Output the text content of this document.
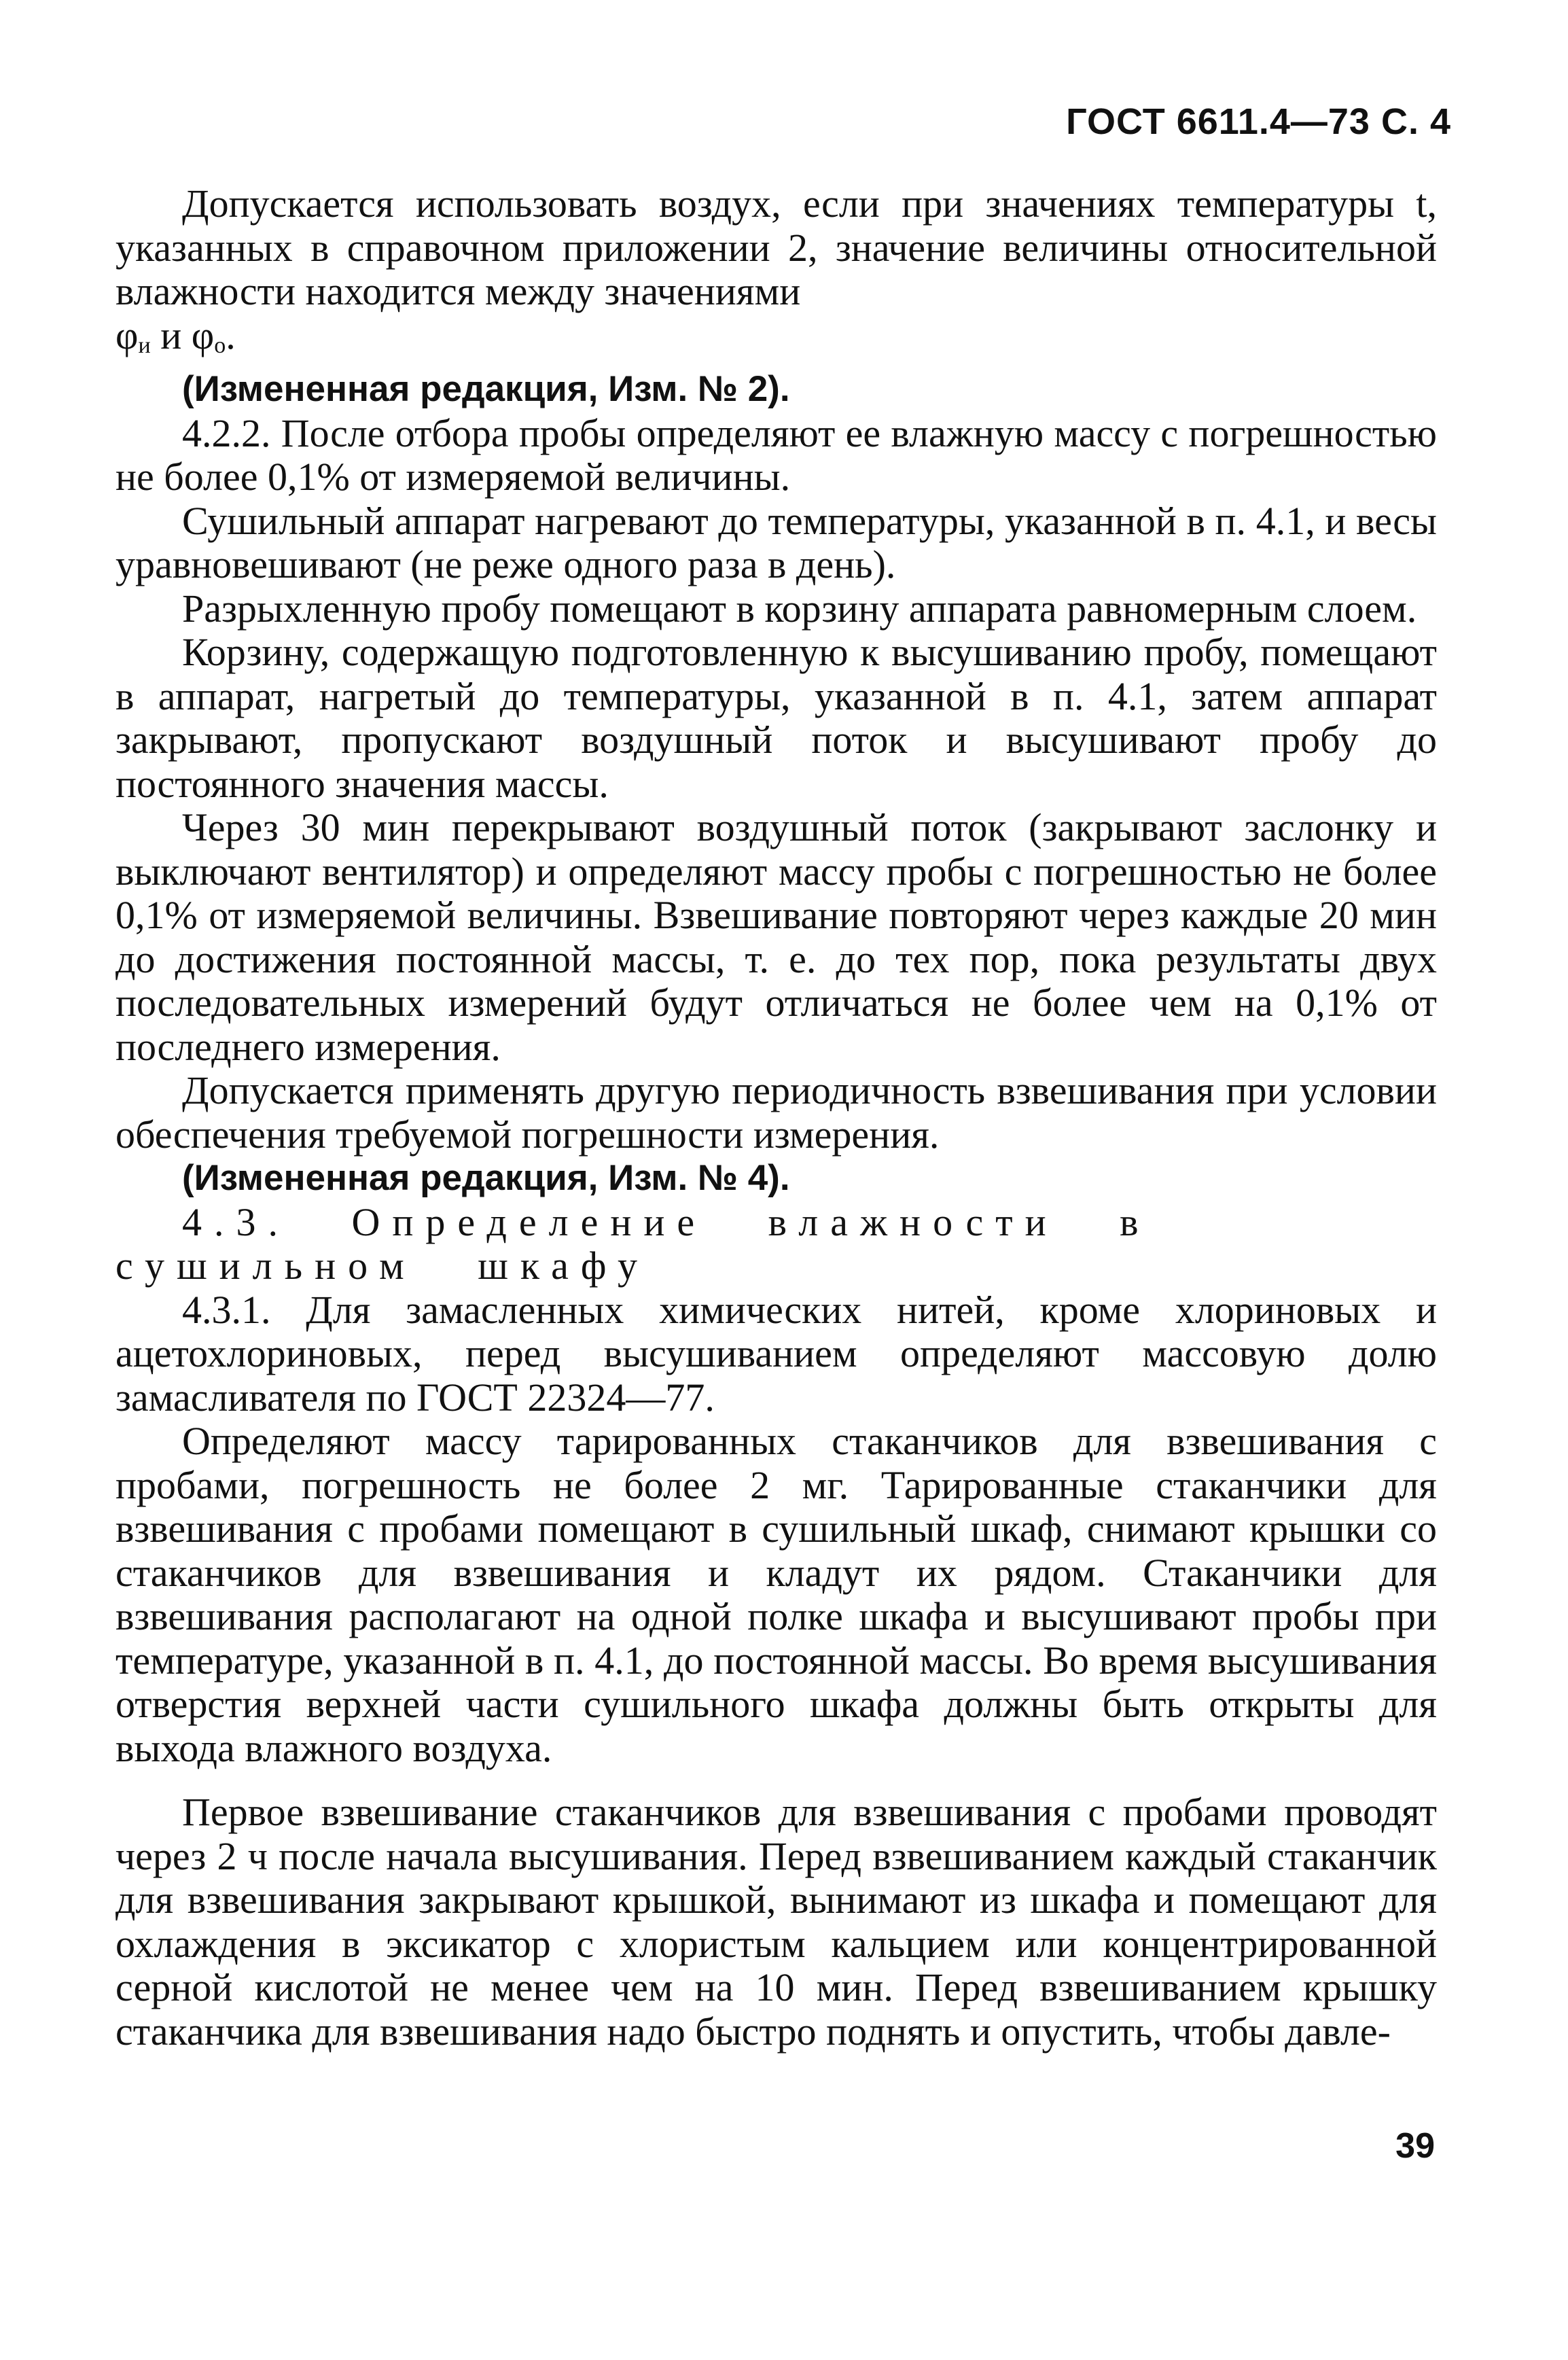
ГОСТ 6611.4—73 С. 4

Допускается использовать воздух, если при значениях температуры t, указанных в справочном приложении 2, значение величины относительной влажности находится между значениями

φи и φo.

(Измененная редакция, Изм. № 2).

4.2.2. После отбора пробы определяют ее влажную массу с погрешностью не более 0,1% от измеряемой величины.

Сушильный аппарат нагревают до температуры, указанной в п. 4.1, и весы уравновешивают (не реже одного раза в день).

Разрыхленную пробу помещают в корзину аппарата равномерным слоем.

Корзину, содержащую подготовленную к высушиванию пробу, помещают в аппарат, нагретый до температуры, указанной в п. 4.1, затем аппарат закрывают, пропускают воздушный поток и высушивают пробу до постоянного значения массы.

Через 30 мин перекрывают воздушный поток (закрывают заслонку и выключают вентилятор) и определяют массу пробы с погрешностью не более 0,1% от измеряемой величины. Взвешивание повторяют через каждые 20 мин до достижения постоянной массы, т. е. до тех пор, пока результаты двух последовательных измерений будут отличаться не более чем на 0,1% от последнего измерения.

Допускается применять другую периодичность взвешивания при условии обеспечения требуемой погрешности измерения.

(Измененная редакция, Изм. № 4).

4.3. Определение влажности в сушильном шкафу

4.3.1. Для замасленных химических нитей, кроме хлориновых и ацетохлориновых, перед высушиванием определяют массовую долю замасливателя по ГОСТ 22324—77.

Определяют массу тарированных стаканчиков для взвешивания с пробами, погрешность не более 2 мг. Тарированные стаканчики для взвешивания с пробами помещают в сушильный шкаф, снимают крышки со стаканчиков для взвешивания и кладут их рядом. Стаканчики для взвешивания располагают на одной полке шкафа и высушивают пробы при температуре, указанной в п. 4.1, до постоянной массы. Во время высушивания отверстия верхней части сушильного шкафа должны быть открыты для выхода влажного воздуха.

Первое взвешивание стаканчиков для взвешивания с пробами проводят через 2 ч после начала высушивания. Перед взвешиванием каждый стаканчик для взвешивания закрывают крышкой, вынимают из шкафа и помещают для охлаждения в эксикатор с хлористым кальцием или концентрированной серной кислотой не менее чем на 10 мин. Перед взвешиванием крышку стаканчика для взвешивания надо быстро поднять и опустить, чтобы давле-

39
